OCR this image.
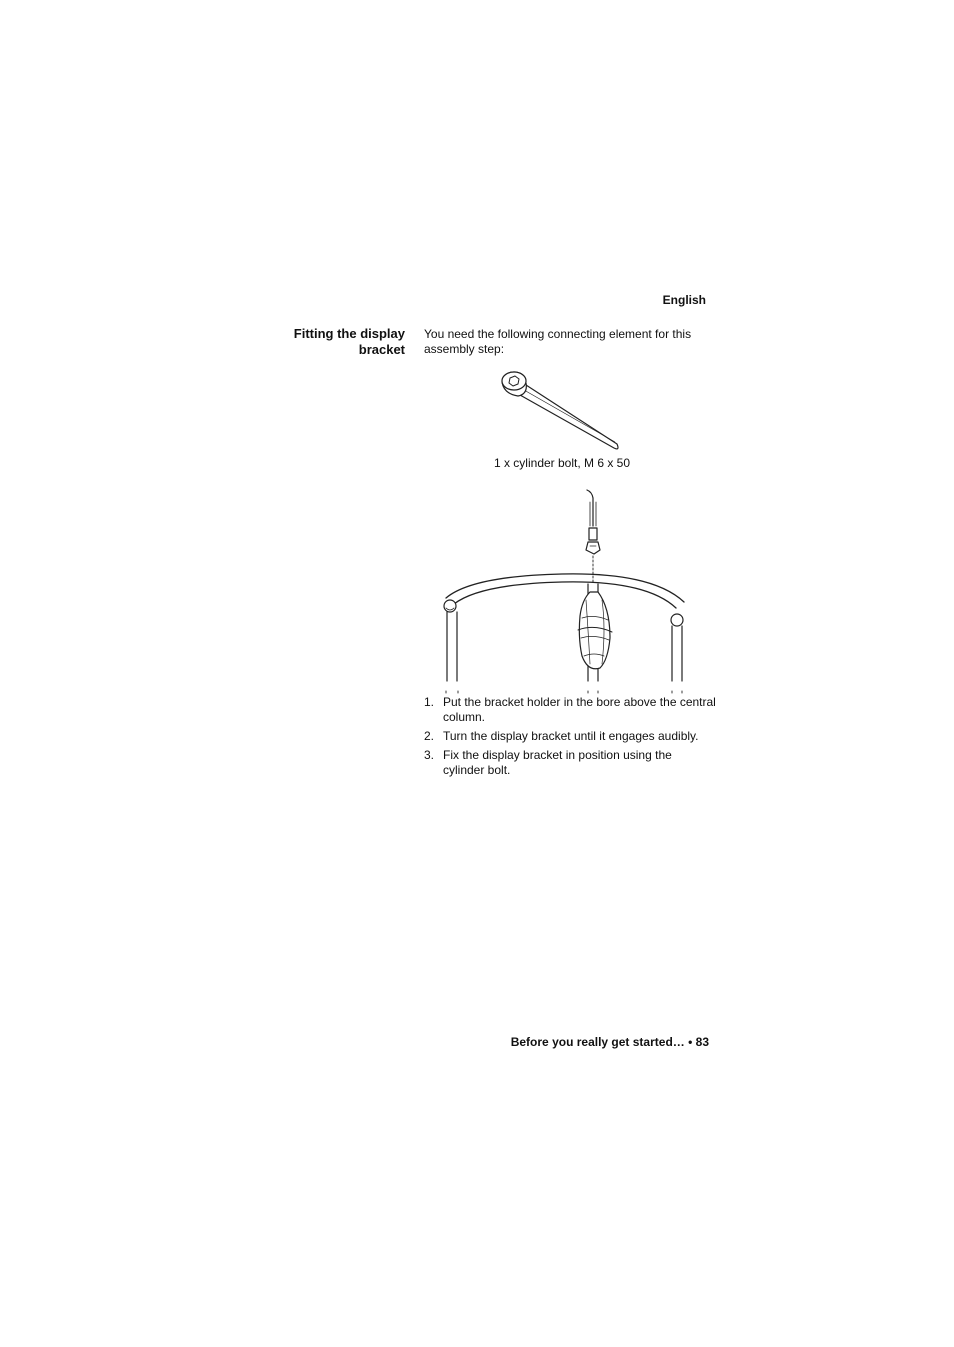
English
Fitting the display
bracket
You need the following connecting element for this assembly step:
1 x cylinder bolt, M 6 x 50
1. Put the bracket holder in the bore above the central column.
2. Turn the display bracket until it engages audibly.
3. Fix the display bracket in position using the cylinder bolt.
Before you really get started… • 83
